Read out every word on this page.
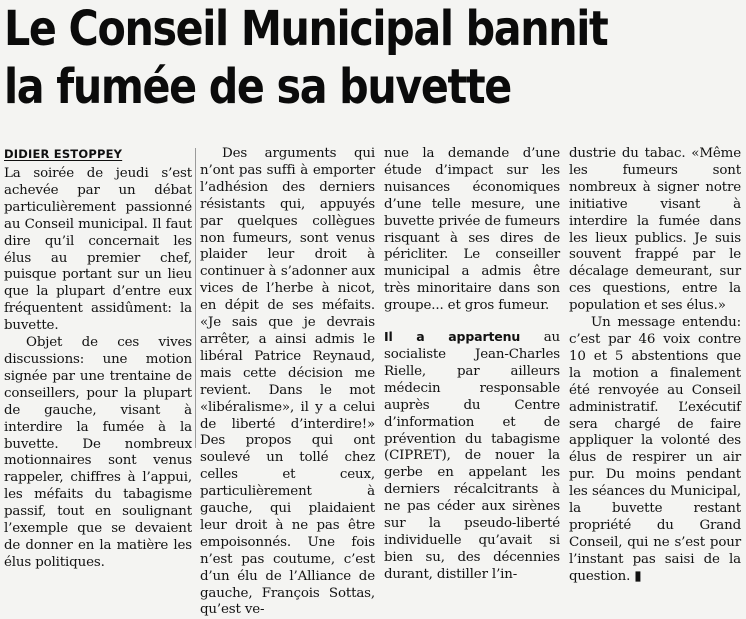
Le Conseil Municipal bannit
la fumée de sa buvette
DIDIER ESTOPPEY

La soirée de jeudi s’est achevée par un débat particulièrement passionné au Conseil municipal. Il faut dire qu’il concernait les élus au premier chef, puisque portant sur un lieu que la plupart d’entre eux fréquentent assidûment: la buvette.

Objet de ces vives discussions: une motion signée par une trentaine de conseillers, pour la plupart de gauche, visant à interdire la fumée à la buvette. De nombreux motionnaires sont venus rappeler, chiffres à l’appui, les méfaits du tabagisme passif, tout en soulignant l’exemple que se devaient de donner en la matière les élus politiques.

Des arguments qui n’ont pas suffi à emporter l’adhésion des derniers résistants qui, appuyés par quelques collègues non fumeurs, sont venus plaider leur droit à continuer à s’adonner aux vices de l’herbe à nicot, en dépit de ses méfaits. «Je sais que je devrais arrêter, a ainsi admis le libéral Patrice Reynaud, mais cette décision me revient. Dans le mot «libéralisme», il y a celui de liberté d’interdire!» Des propos qui ont soulevé un tollé chez celles et ceux, particulièrement à gauche, qui plaidaient leur droit à ne pas être empoisonnés. Une fois n’est pas coutume, c’est d’un élu de l’Alliance de gauche, François Sottas, qu’est ve-

nue la demande d’une étude d’impact sur les nuisances économiques d’une telle mesure, une buvette privée de fumeurs risquant à ses dires de péricliter. Le conseiller municipal a admis être très minoritaire dans son groupe... et gros fumeur.

Il a appartenu au socialiste Jean-Charles Rielle, par ailleurs médecin responsable auprès du Centre d’information et de prévention du tabagisme (CIPRET), de nouer la gerbe en appelant les derniers récalcitrants à ne pas céder aux sirènes sur la pseudo-liberté individuelle qu’avait si bien su, des décennies durant, distiller l’in-

dustrie du tabac. «Même les fumeurs sont nombreux à signer notre initiative visant à interdire la fumée dans les lieux publics. Je suis souvent frappé par le décalage demeurant, sur ces questions, entre la population et ses élus.»

Un message entendu: c’est par 46 voix contre 10 et 5 abstentions que la motion a finalement été renvoyée au Conseil administratif. L’exécutif sera chargé de faire appliquer la volonté des élus de respirer un air pur. Du moins pendant les séances du Municipal, la buvette restant propriété du Grand Conseil, qui ne s’est pour l’instant pas saisi de la question. ▮
